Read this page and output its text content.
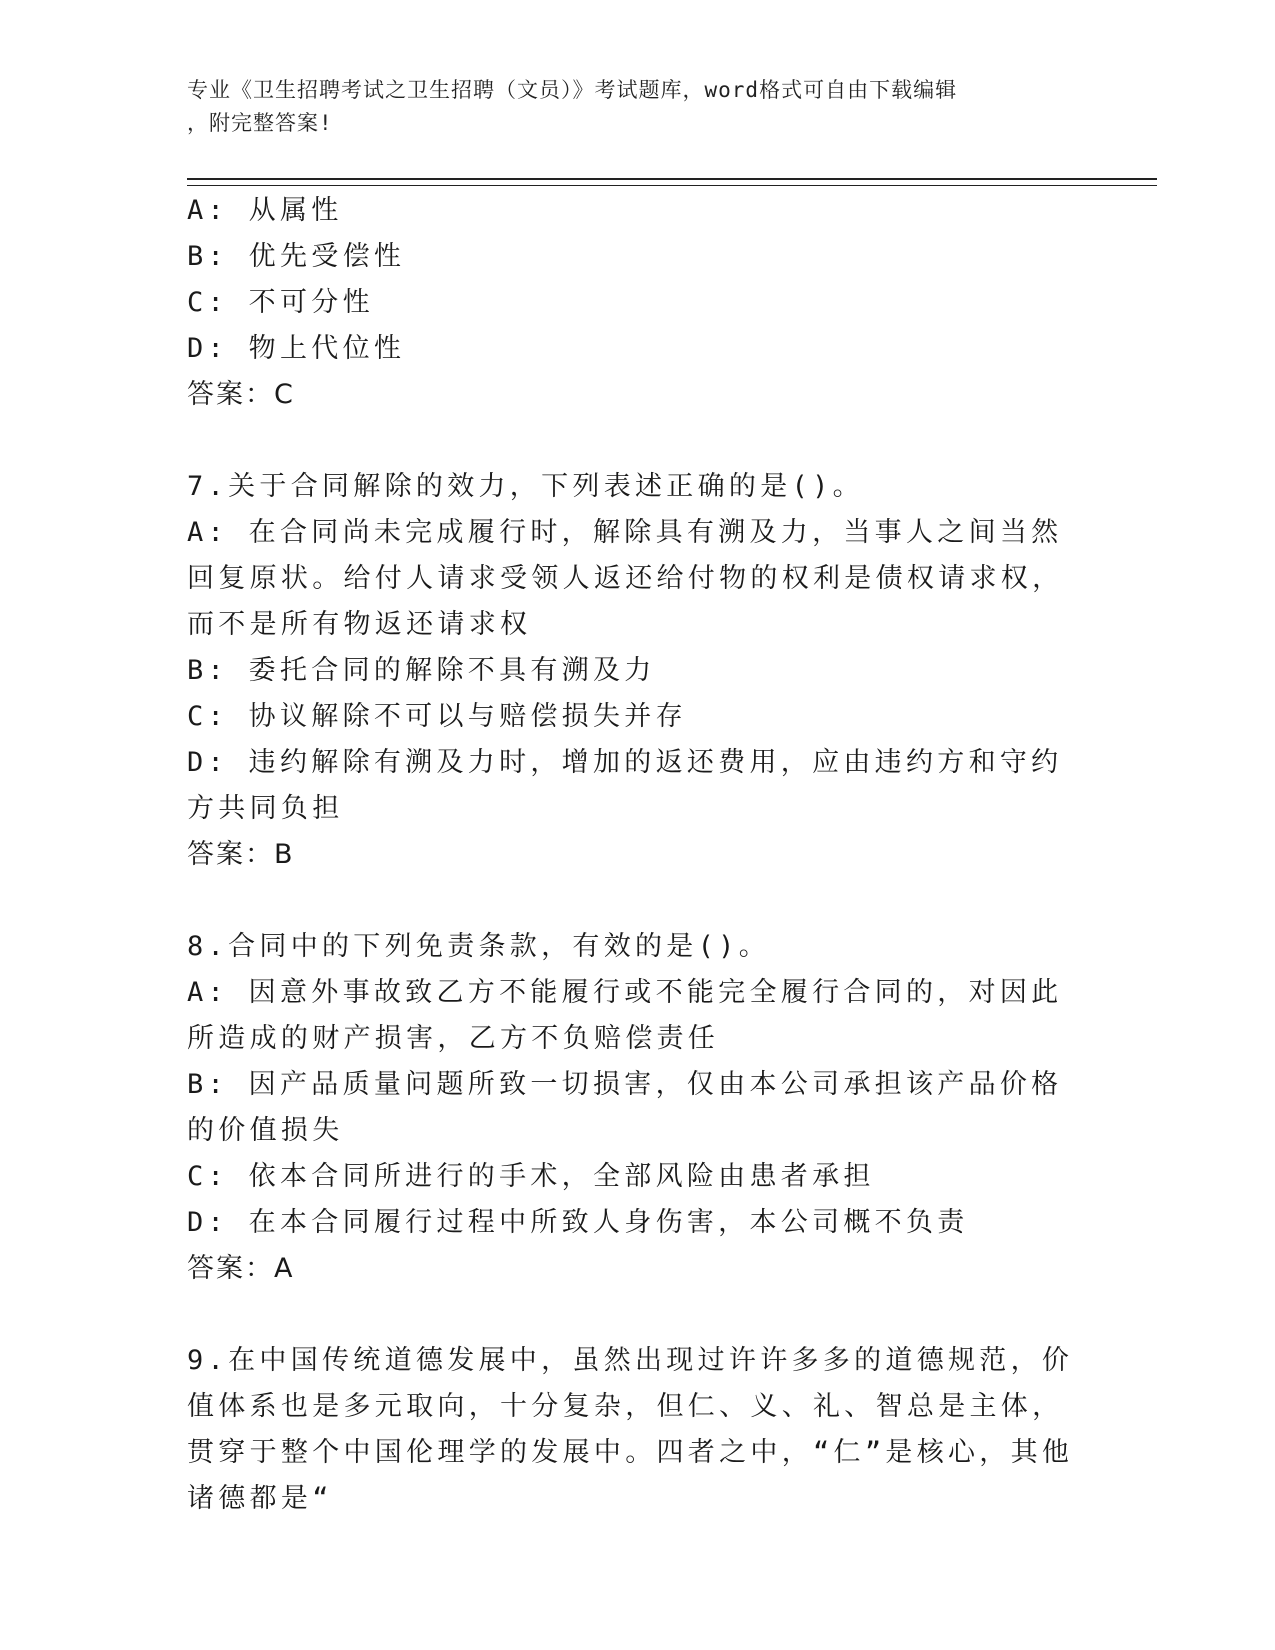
专业《卫生招聘考试之卫生招聘（文员）》考试题库，word格式可自由下载编辑
，附完整答案!

A: 从属性

B: 优先受偿性

C: 不可分性

D: 物上代位性

答案：C

7.关于合同解除的效力，下列表述正确的是()。

A: 在合同尚未完成履行时，解除具有溯及力，当事人之间当然回复原状。给付人请求受领人返还给付物的权利是债权请求权，而不是所有物返还请求权

B: 委托合同的解除不具有溯及力

C: 协议解除不可以与赔偿损失并存

D: 违约解除有溯及力时，增加的返还费用，应由违约方和守约方共同负担

答案：B

8.合同中的下列免责条款，有效的是()。

A: 因意外事故致乙方不能履行或不能完全履行合同的，对因此所造成的财产损害，乙方不负赔偿责任

B: 因产品质量问题所致一切损害，仅由本公司承担该产品价格的价值损失

C: 依本合同所进行的手术，全部风险由患者承担

D: 在本合同履行过程中所致人身伤害，本公司概不负责

答案：A

9.在中国传统道德发展中，虽然出现过许许多多的道德规范，价值体系也是多元取向，十分复杂，但仁、义、礼、智总是主体，贯穿于整个中国伦理学的发展中。四者之中，“仁”是核心，其他诸德都是“
